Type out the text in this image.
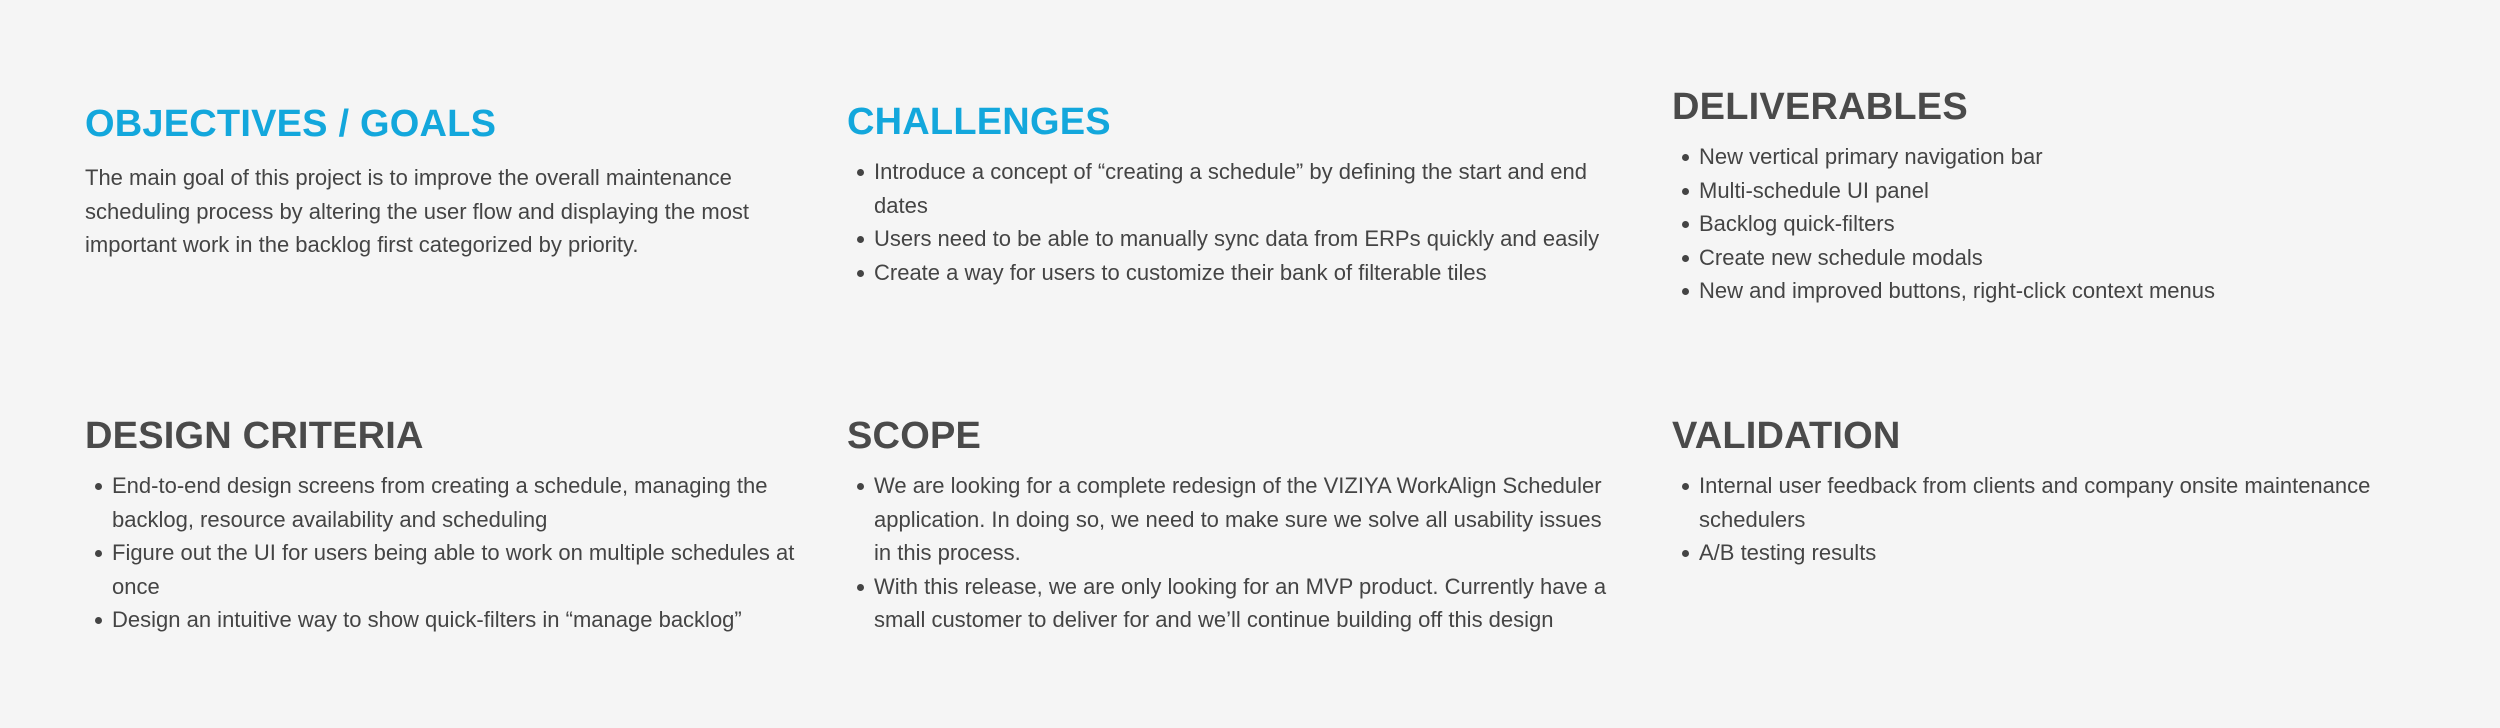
OBJECTIVES / GOALS

The main goal of this project is to improve the overall maintenance scheduling process by altering the user flow and displaying the most important work in the backlog first categorized by priority.

CHALLENGES
Introduce a concept of “creating a schedule” by defining the start and end dates
Users need to be able to manually sync data from ERPs quickly and easily
Create a way for users to customize their bank of filterable tiles
DELIVERABLES
New vertical primary navigation bar
Multi-schedule UI panel
Backlog quick-filters
Create new schedule modals
New and improved buttons, right-click context menus
DESIGN CRITERIA
End-to-end design screens from creating a schedule, managing the backlog, resource availability and scheduling
Figure out the UI for users being able to work on multiple schedules at once
Design an intuitive way to show quick-filters in “manage backlog”
SCOPE
We are looking for a complete redesign of the VIZIYA WorkAlign Scheduler application. In doing so, we need to make sure we solve all usability issues in this process.
With this release, we are only looking for an MVP product. Currently have a small customer to deliver for and we’ll continue building off this design
VALIDATION
Internal user feedback from clients and company onsite maintenance schedulers
A/B testing results
